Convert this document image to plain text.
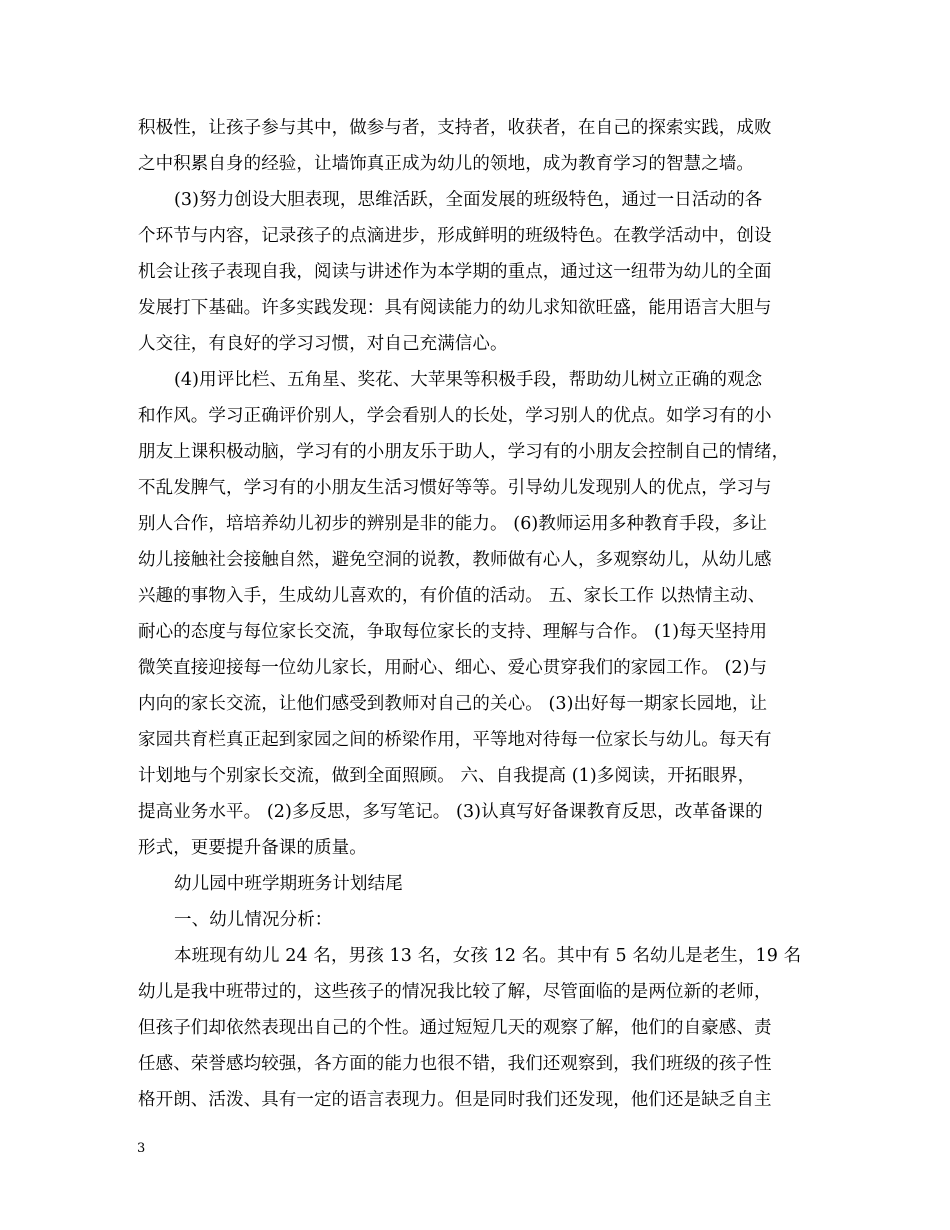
积极性，让孩子参与其中，做参与者，支持者，收获者，在自己的探索实践，成败
之中积累自身的经验，让墙饰真正成为幼儿的领地，成为教育学习的智慧之墙。
(3)努力创设大胆表现，思维活跃，全面发展的班级特色，通过一日活动的各
个环节与内容，记录孩子的点滴进步，形成鲜明的班级特色。在教学活动中，创设
机会让孩子表现自我，阅读与讲述作为本学期的重点，通过这一纽带为幼儿的全面
发展打下基础。许多实践发现：具有阅读能力的幼儿求知欲旺盛，能用语言大胆与
人交往，有良好的学习习惯，对自己充满信心。
(4)用评比栏、五角星、奖花、大苹果等积极手段，帮助幼儿树立正确的观念
和作风。学习正确评价别人，学会看别人的长处，学习别人的优点。如学习有的小
朋友上课积极动脑，学习有的小朋友乐于助人，学习有的小朋友会控制自己的情绪，
不乱发脾气，学习有的小朋友生活习惯好等等。引导幼儿发现别人的优点，学习与
别人合作，培培养幼儿初步的辨别是非的能力。 (6)教师运用多种教育手段，多让
幼儿接触社会接触自然，避免空洞的说教，教师做有心人，多观察幼儿，从幼儿感
兴趣的事物入手，生成幼儿喜欢的，有价值的活动。 五、家长工作 以热情主动、
耐心的态度与每位家长交流，争取每位家长的支持、理解与合作。 (1)每天坚持用
微笑直接迎接每一位幼儿家长，用耐心、细心、爱心贯穿我们的家园工作。 (2)与
内向的家长交流，让他们感受到教师对自己的关心。 (3)出好每一期家长园地，让
家园共育栏真正起到家园之间的桥梁作用，平等地对待每一位家长与幼儿。每天有
计划地与个别家长交流，做到全面照顾。 六、自我提高 (1)多阅读，开拓眼界，
提高业务水平。 (2)多反思，多写笔记。 (3)认真写好备课教育反思，改革备课的
形式，更要提升备课的质量。
幼儿园中班学期班务计划结尾
一、幼儿情况分析：
本班现有幼儿 24 名，男孩 13 名，女孩 12 名。其中有 5 名幼儿是老生，19 名
幼儿是我中班带过的，这些孩子的情况我比较了解，尽管面临的是两位新的老师，
但孩子们却依然表现出自己的个性。通过短短几天的观察了解，他们的自豪感、责
任感、荣誉感均较强，各方面的能力也很不错，我们还观察到，我们班级的孩子性
格开朗、活泼、具有一定的语言表现力。但是同时我们还发现，他们还是缺乏自主
3
